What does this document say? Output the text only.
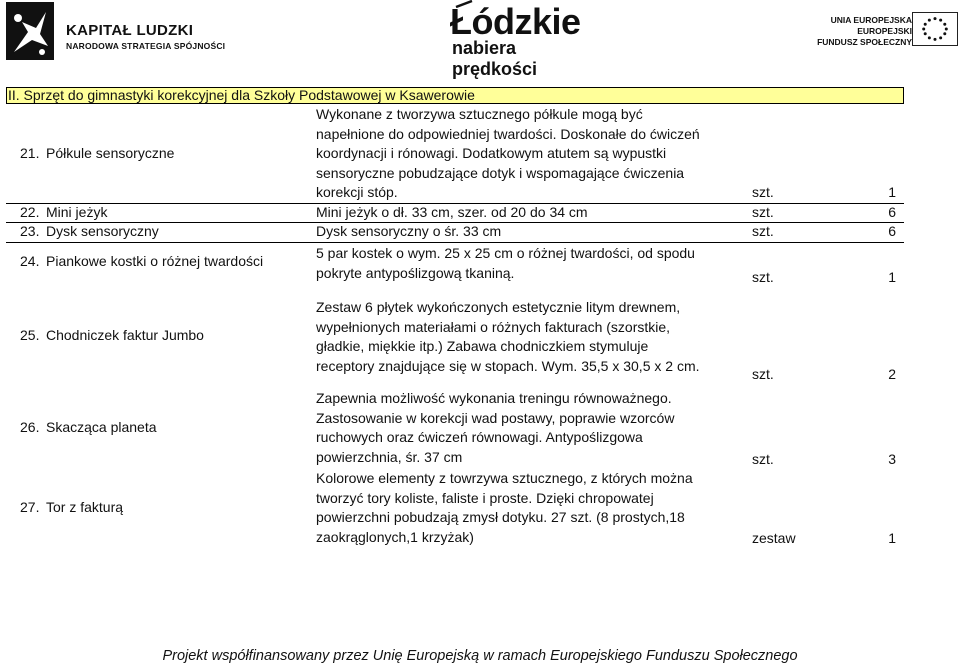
KAPITAŁ LUDZKI
NARODOWA STRATEGIA SPÓJNOŚCI
Łódzkie
nabiera prędkości
UNIA EUROPEJSKA
EUROPEJSKI
FUNDUSZ SPOŁECZNY
II. Sprzęt do gimnastyki korekcyjnej dla Szkoły Podstawowej w Ksawerowie
21. Półkule sensoryczne
Wykonane z tworzywa sztucznego półkule mogą być
napełnione do odpowiedniej twardości. Doskonałe do ćwiczeń
koordynacji i rónowagi. Dodatkowym atutem są wypustki
sensoryczne pobudzające dotyk i wspomagające ćwiczenia
korekcji stóp.	szt.	1
22. Mini jeżyk	Mini jeżyk o dł. 33 cm, szer. od 20 do 34 cm	szt.	6
23. Dysk sensoryczny	Dysk sensoryczny o śr. 33 cm	szt.	6
24. Piankowe kostki o różnej twardości	5 par kostek o wym. 25 x 25 cm o różnej twardości, od spodu
pokryte antypoślizgową tkaniną.	szt.	1
25. Chodniczek faktur Jumbo
Zestaw 6 płytek wykończonych estetycznie litym drewnem,
wypełnionych materiałami o różnych fakturach (szorstkie,
gładkie, miękkie itp.) Zabawa chodniczkiem stymuluje
receptory znajdujące się w stopach. Wym. 35,5 x 30,5 x 2 cm.
szt.	2
26. Skacząca planeta
Zapewnia możliwość wykonania treningu równoważnego.
Zastosowanie w korekcji wad postawy, poprawie wzorców
ruchowych oraz ćwiczeń równowagi. Antypoślizgowa
powierzchnia, śr. 37 cm	szt.	3
27. Tor z fakturą
Kolorowe elementy z towrzywa sztucznego, z których można
tworzyć tory koliste, faliste i proste. Dzięki chropowatej
powierzchni pobudzają zmysł dotyku. 27 szt. (8 prostych,18
zaokrąglonych,1 krzyżak)	zestaw	1
Projekt współfinansowany przez Unię Europejską w ramach Europejskiego Funduszu Społecznego
